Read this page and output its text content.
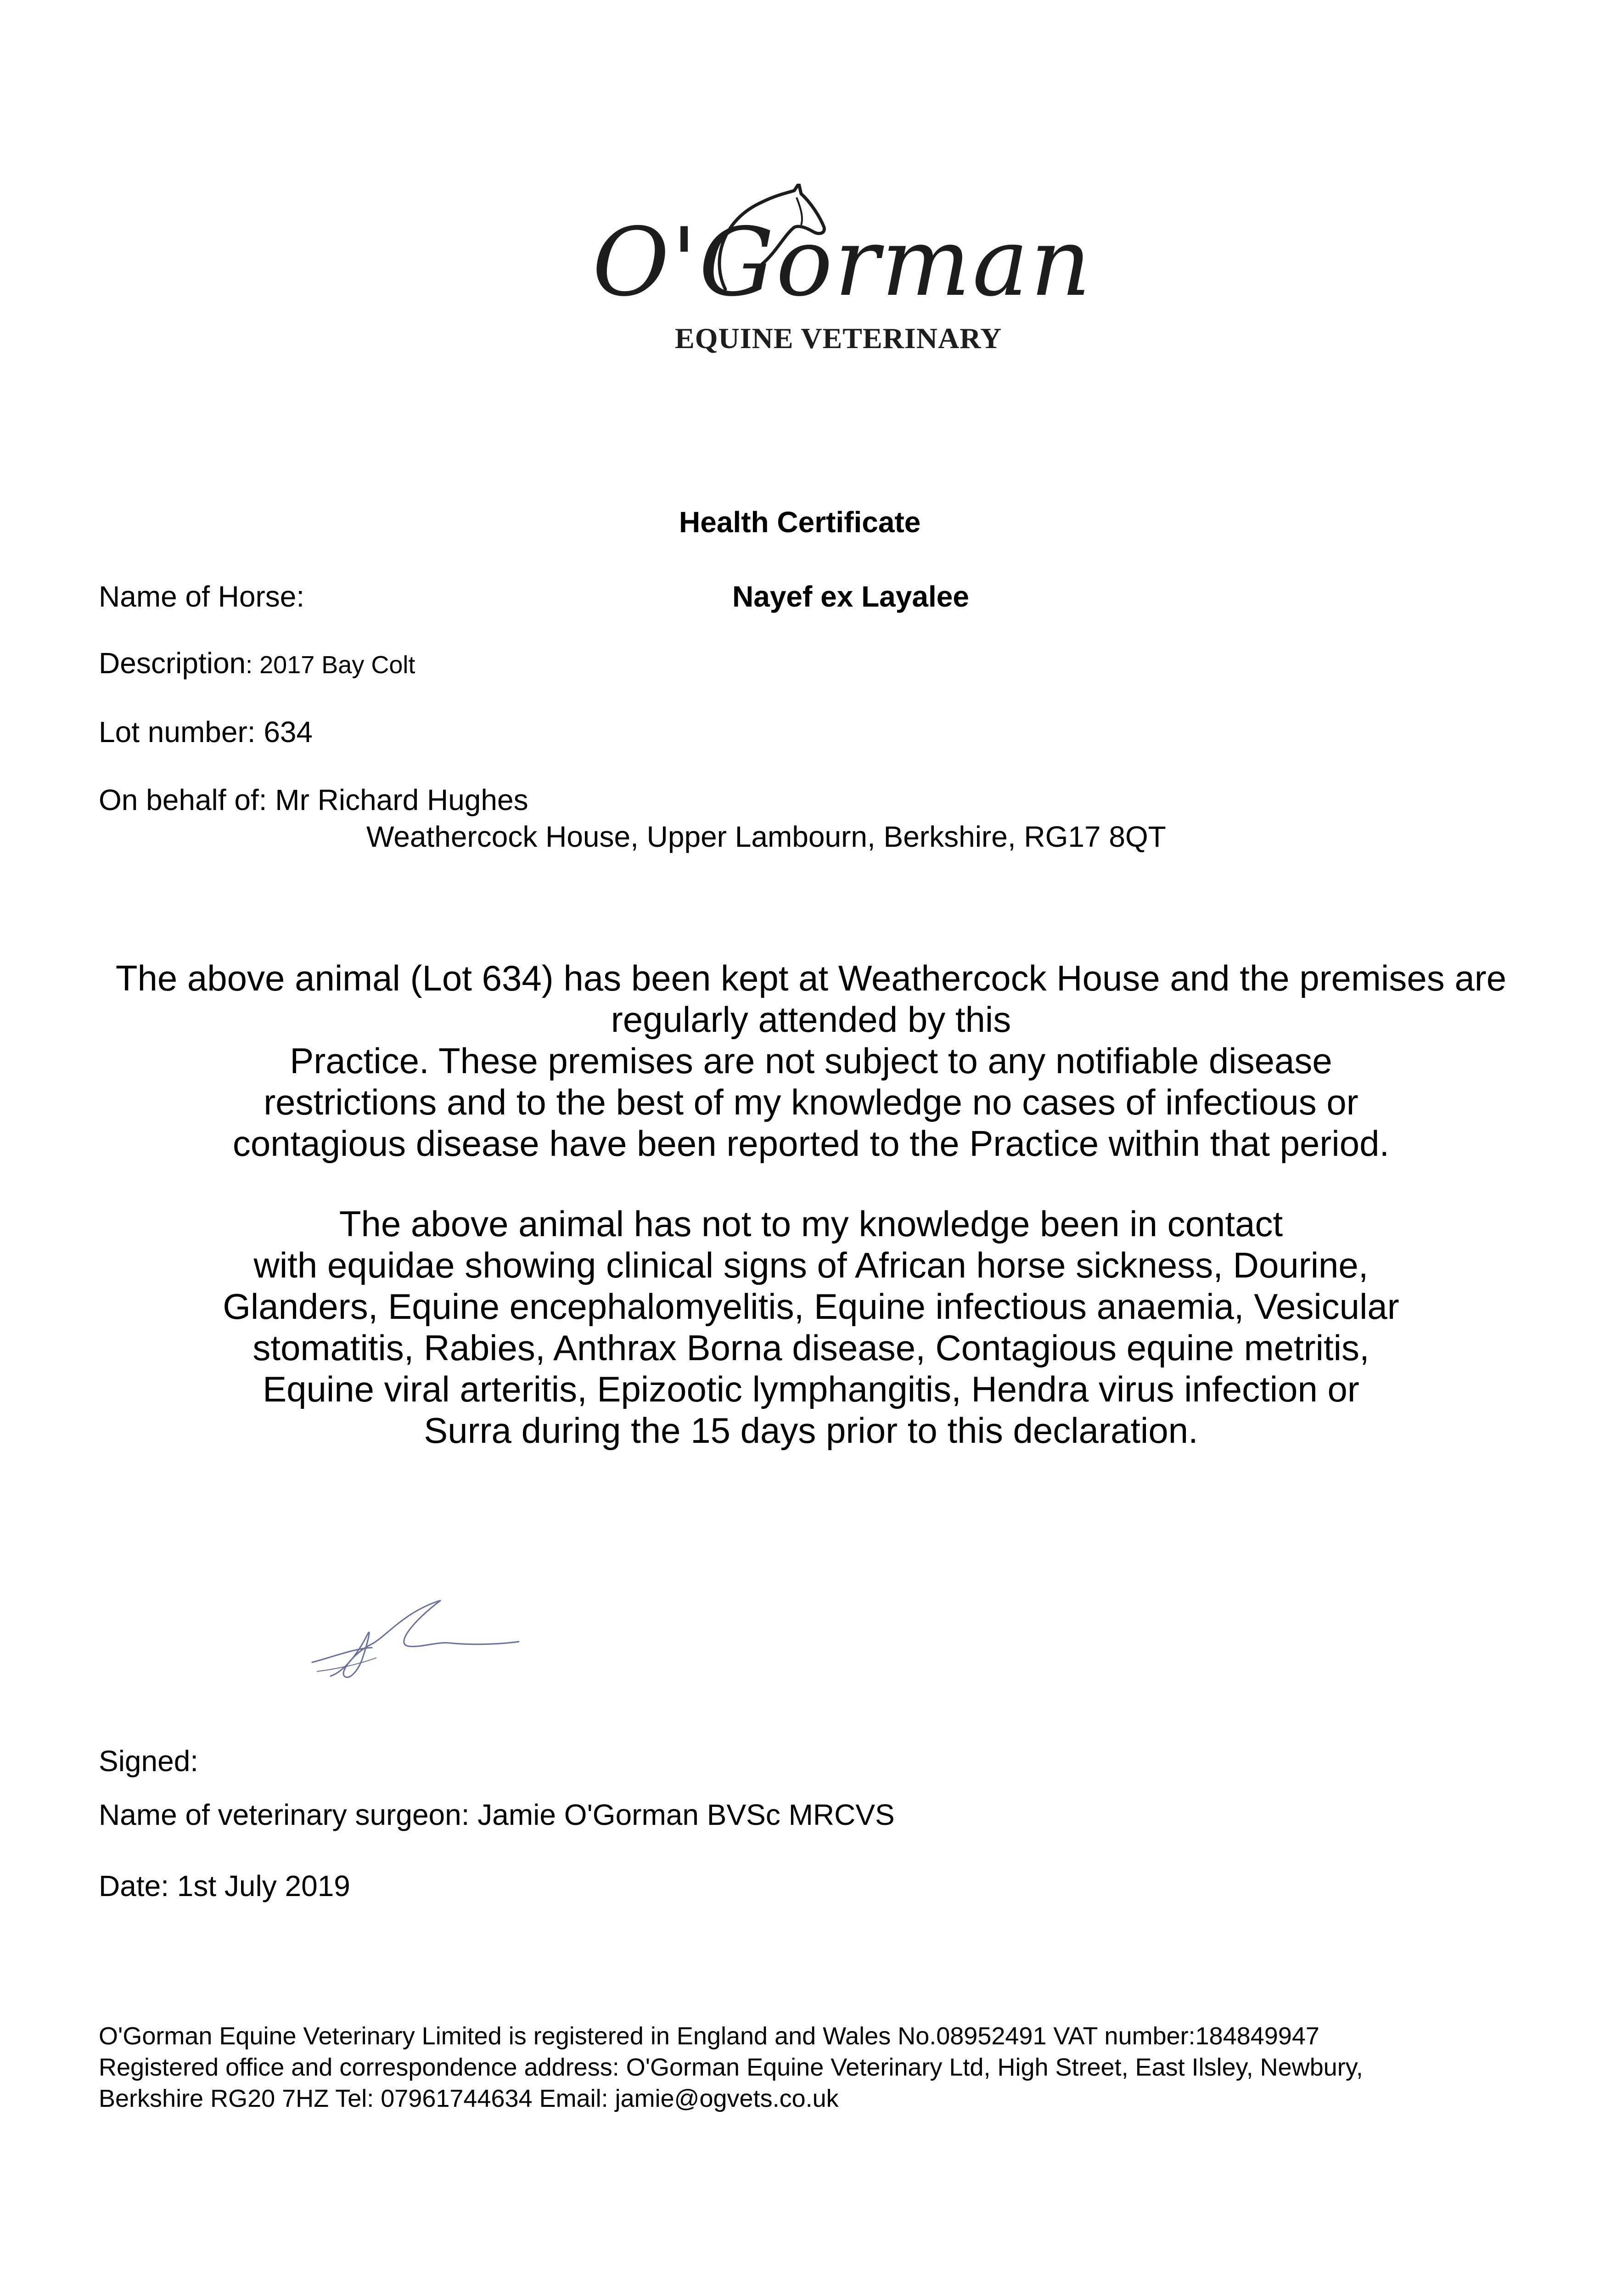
O'Gorman
EQUINE VETERINARY
Health Certificate
Name of Horse:	Nayef ex Layalee
Description: 2017 Bay Colt
Lot number: 634
On behalf of: Mr Richard Hughes
Weathercock House, Upper Lambourn, Berkshire, RG17 8QT

The above animal (Lot 634) has been kept at Weathercock House and the premises are

regularly attended by this

Practice. These premises are not subject to any notifiable disease

restrictions and to the best of my knowledge no cases of infectious or

contagious disease have been reported to the Practice within that period.

The above animal has not to my knowledge been in contact

with equidae showing clinical signs of African horse sickness, Dourine,

Glanders, Equine encephalomyelitis, Equine infectious anaemia, Vesicular

stomatitis, Rabies, Anthrax Borna disease, Contagious equine metritis,

Equine viral arteritis, Epizootic lymphangitis, Hendra virus infection or

Surra during the 15 days prior to this declaration.

Signed:
Name of veterinary surgeon: Jamie O'Gorman BVSc MRCVS
Date: 1st July 2019

O'Gorman Equine Veterinary Limited is registered in England and Wales No.08952491 VAT number:184849947

Registered office and correspondence address: O'Gorman Equine Veterinary Ltd, High Street, East Ilsley, Newbury,

Berkshire RG20 7HZ Tel: 07961744634 Email: jamie@ogvets.co.uk
